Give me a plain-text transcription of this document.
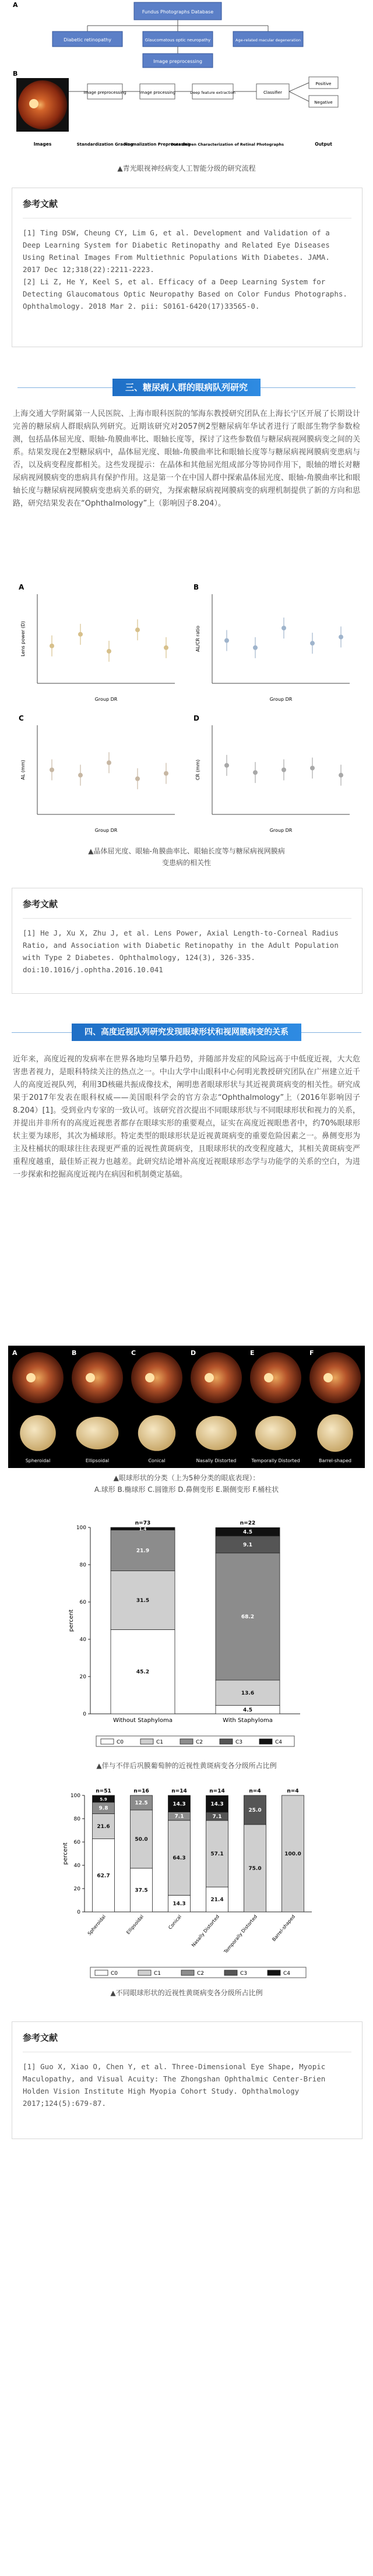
A
Fundus Photographs Database
Diabetic retinopathy	Glaucomatous optic neuropathy	Age-related macular degeneration
Image preprocessing
B
Image preprocessing	Image processing	Deep feature extraction	Classifier
Positive
Negative
Images	Standardization Grading
Normalization Preprocessing
Data-Driven Characterization of Retinal Photographs	Output
▲青光眼视神经病变人工智能分级的研究流程
参考文献
[1] Ting DSW, Cheung CY, Lim G, et al. Development and Validation of a Deep Learning System for Diabetic Retinopathy and Related Eye Diseases Using Retinal Images From Multiethnic Populations With Diabetes. JAMA. 2017 Dec 12;318(22):2211-2223.
[2] Li Z, He Y, Keel S, et al. Efficacy of a Deep Learning System for Detecting Glaucomatous Optic Neuropathy Based on Color Fundus Photographs. Ophthalmology. 2018 Mar 2. pii: S0161-6420(17)33565-0.
三、糖尿病人群的眼病队列研究
上海交通大学附属第一人民医院、上海市眼科医院的邹海东教授研究团队在上海长宁区开展了长期设计完善的糖尿病人群眼病队列研究。近期该研究对2057例2型糖尿病年华试者进行了眼部生物学参数检测，包括晶体屈光度、眼轴-角膜曲率比、眼轴长度等，探讨了这些参数值与糖尿病视网膜病变之间的关系。结果发现在2型糖尿病中，晶体屈光度、眼轴-角膜曲率比和眼轴长度等与糖尿病视网膜病变患病与否，以及病变程度都相关。这些发现提示：在晶体和其他屈光组成部分等协同作用下，眼轴的增长对糖尿病视网膜病变的患病具有保护作用。这是第一个在中国人群中探索晶体屈光度、眼轴-角膜曲率比和眼轴长度与糖尿病视网膜病变患病关系的研究，为探索糖尿病视网膜病变的病理机制提供了新的方向和思路，研究结果发表在“Ophthalmology”上（影响因子8.204）。
A
Lens power (D)
Group DR
B
AL/CR ratio
Group DR
C
AL (mm)
Group DR
D
CR (mm)
Group DR
▲晶体屈光度、眼轴-角膜曲率比、眼轴长度等与糖尿病视网膜病
变患病的相关性
参考文献
[1] He J, Xu X, Zhu J, et al. Lens Power, Axial Length-to-Corneal Radius Ratio, and Association with Diabetic Retinopathy in the Adult Population with Type 2 Diabetes. Ophthalmology, 124(3), 326-335. doi:10.1016/j.ophtha.2016.10.041
四、高度近视队列研究发现眼球形状和视网膜病变的关系
近年来，高度近视的发病率在世界各地均呈攀升趋势，并随部并发症的风险远高于中低度近视，大大危害患者视力，是眼科特续关注的热点之一。中山大学中山眼科中心何明光教授研究团队在广州建立近千人的高度近视队列，利用3D核磁共振成像技术，阐明患者眼球形状与其近视黄斑病变的相关性。研究成果于2017年发表在眼科权威——美国眼科学会的官方杂志“Ophthalmology”上（2016年影响因子8.204）[1]。受到业内专家的一致认可。该研究首次提出不同眼球形状与不同眼球形状和视力的关系，并提出并非所有的高度近视患者都存在眼球实形的重要观点，证实在高度近视眼患者中，约70%眼球形状主要为球形，其次为桶球形。特定类型的眼球形状是近视黄斑病变的重要危险因素之一。鼻侧变形为主及柱桶状的眼球往往表现更严重的近视性黄斑病变，且眼球形状的改变程度越大，其相关黄斑病变严重程度越重，最佳矫正视力也越差。此研究结论增补高度近视眼球形态学与功能学的关系的空白，为进一步探索和挖掘高度近视内在病因和机制奠定基础。
A
Spheroidal
B
Ellipsoidal
C
Conical
D
Nasally Distorted
E
Temporally Distorted
F
Barrel-shaped
▲眼球形状的分类（上为5种分类的眼底表现）：
A.球形 B.椭球形 C.圆锥形 D.鼻侧变形 E.颞侧变形 F.桶柱状
0
20
40
60
80
100
percent
45.2
31.5
21.9
1.4
n=73
Without Staphyloma
4.5
13.6
68.2
9.1
4.5
n=22
With Staphyloma
C0	C1	C2	C3	C4
▲伴与不伴后巩膜葡萄肿的近视性黄斑病变各分级所占比例
0
20
40
60
80
100
percent
62.7
21.6
9.8
5.9
n=51
Spheroidal
37.5
50.0
12.5
n=16
Ellipsoidal
14.3
64.3
7.1
14.3
n=14
Conical
21.4
57.1
7.1
14.3
n=14
Nasally Distorted
75.0
25.0
n=4
Temporally Distorted
100.0
n=4
Barrel-shaped
C0	C1	C2	C3	C4
▲不同眼球形状的近视性黄斑病变各分级所占比例
参考文献
[1] Guo X, Xiao O, Chen Y, et al. Three-Dimensional Eye Shape, Myopic Maculopathy, and Visual Acuity: The Zhongshan Ophthalmic Center-Brien Holden Vision Institute High Myopia Cohort Study. Ophthalmology 2017;124(5):679-87.
